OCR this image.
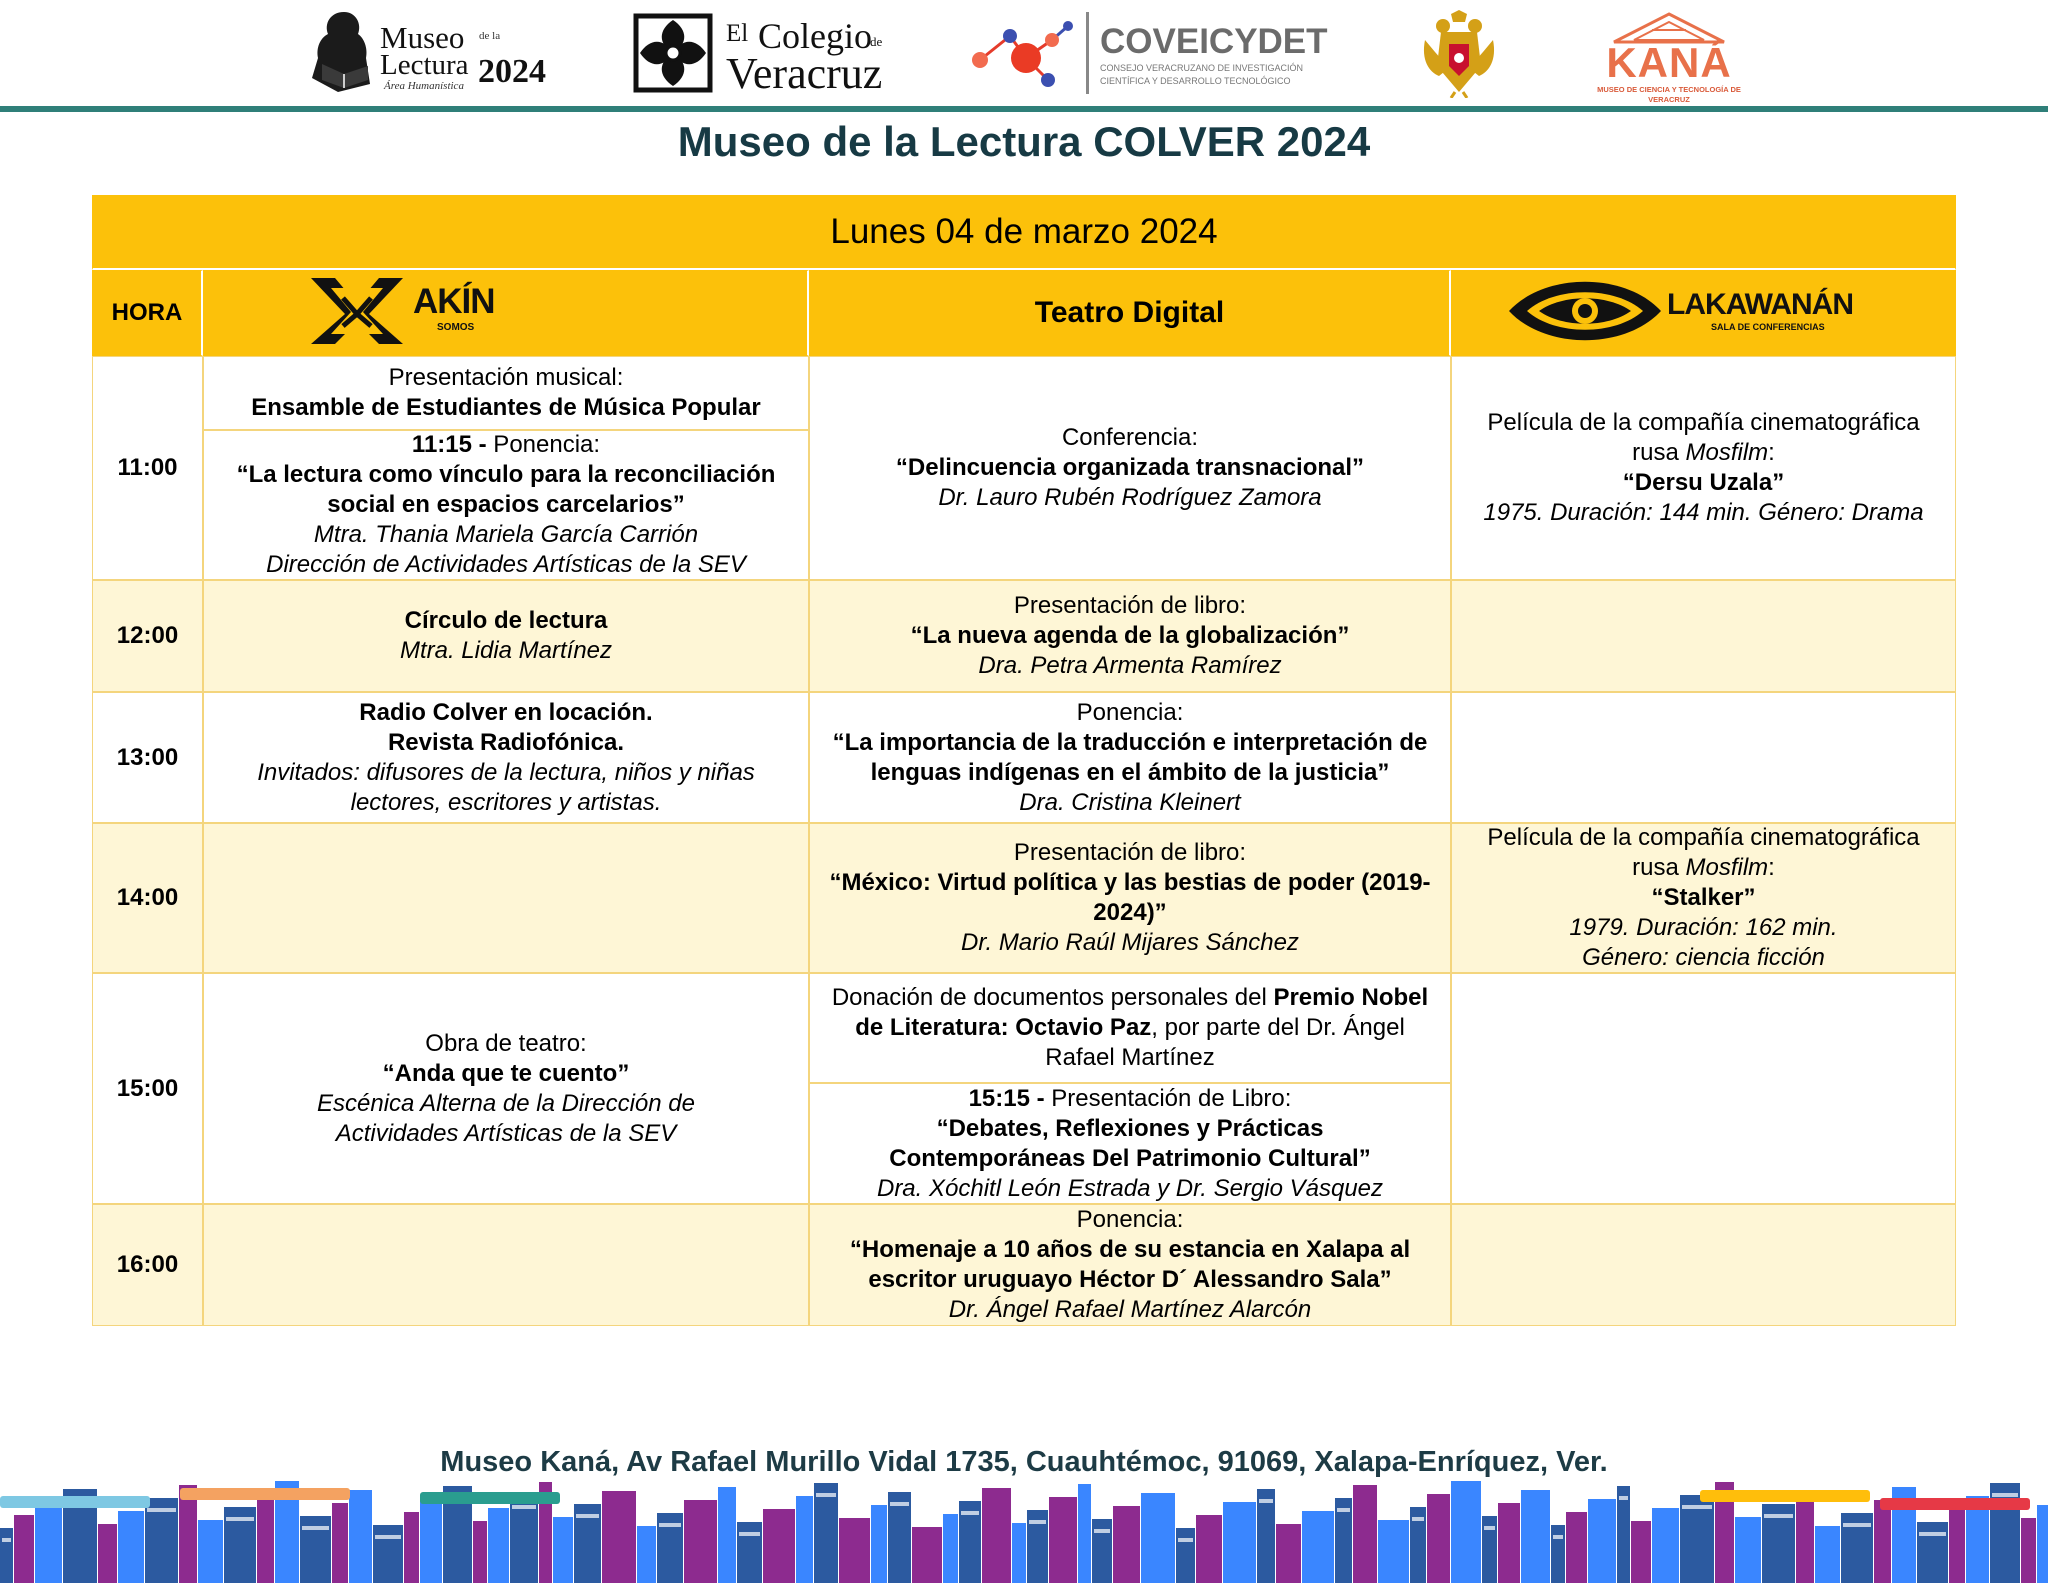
Museo de la
Lectura 2024
Área Humanística
El Colegio
de
Veracruz
COVEICYDET
CONSEJO VERACRUZANO DE INVESTIGACIÓN CIENTÍFICA Y DESARROLLO TECNOLÓGICO	KANÁ
MUSEO DE CIENCIA Y TECNOLOGÍA DE VERACRUZ
Museo de la Lectura COLVER 2024
Lunes 04 de marzo 2024
HORA	Teatro Digital
11:00
12:00
13:00
14:00
15:00
16:00
Presentación musical:
Ensamble de Estudiantes de Música Popular
11:15 - Ponencia:
“La lectura como vínculo para la reconciliación social en espacios carcelarios”
Mtra. Thania Mariela García Carrión
Dirección de Actividades Artísticas de la SEV
Círculo de lectura
Mtra. Lidia Martínez
Radio Colver en locación.
Revista Radiofónica.
Invitados: difusores de la lectura, niños y niñas lectores, escritores y artistas.
Obra de teatro:
“Anda que te cuento”
Escénica Alterna de la Dirección de Actividades Artísticas de la SEV
Conferencia:
“Delincuencia organizada transnacional”
Dr. Lauro Rubén Rodríguez Zamora
Presentación de libro:
“La nueva agenda de la globalización”
Dra. Petra Armenta Ramírez
Ponencia:
“La importancia de la traducción e interpretación de lenguas indígenas en el ámbito de la justicia”
Dra. Cristina Kleinert
Presentación de libro:
“México: Virtud política y las bestias de poder (2019-2024)”
Dr. Mario Raúl Mijares Sánchez
Donación de documentos personales del Premio Nobel de Literatura: Octavio Paz, por parte del Dr. Ángel Rafael Martínez
15:15 - Presentación de Libro:
“Debates, Reflexiones y Prácticas Contemporáneas Del Patrimonio Cultural”
Dra. Xóchitl León Estrada y Dr. Sergio Vásquez
Ponencia:
“Homenaje a 10 años de su estancia en Xalapa al escritor uruguayo Héctor D´ Alessandro Sala”
Dr. Ángel Rafael Martínez Alarcón
Película de la compañía cinematográfica rusa Mosfilm:
“Dersu Uzala”
1975. Duración: 144 min. Género: Drama
Película de la compañía cinematográfica rusa Mosfilm:
“Stalker”
1979. Duración: 162 min.
Género: ciencia ficción
AKÍN
SOMOS
LAKAWANÁN
SALA DE CONFERENCIAS
Museo Kaná, Av Rafael Murillo Vidal 1735, Cuauhtémoc, 91069, Xalapa-Enríquez, Ver.
